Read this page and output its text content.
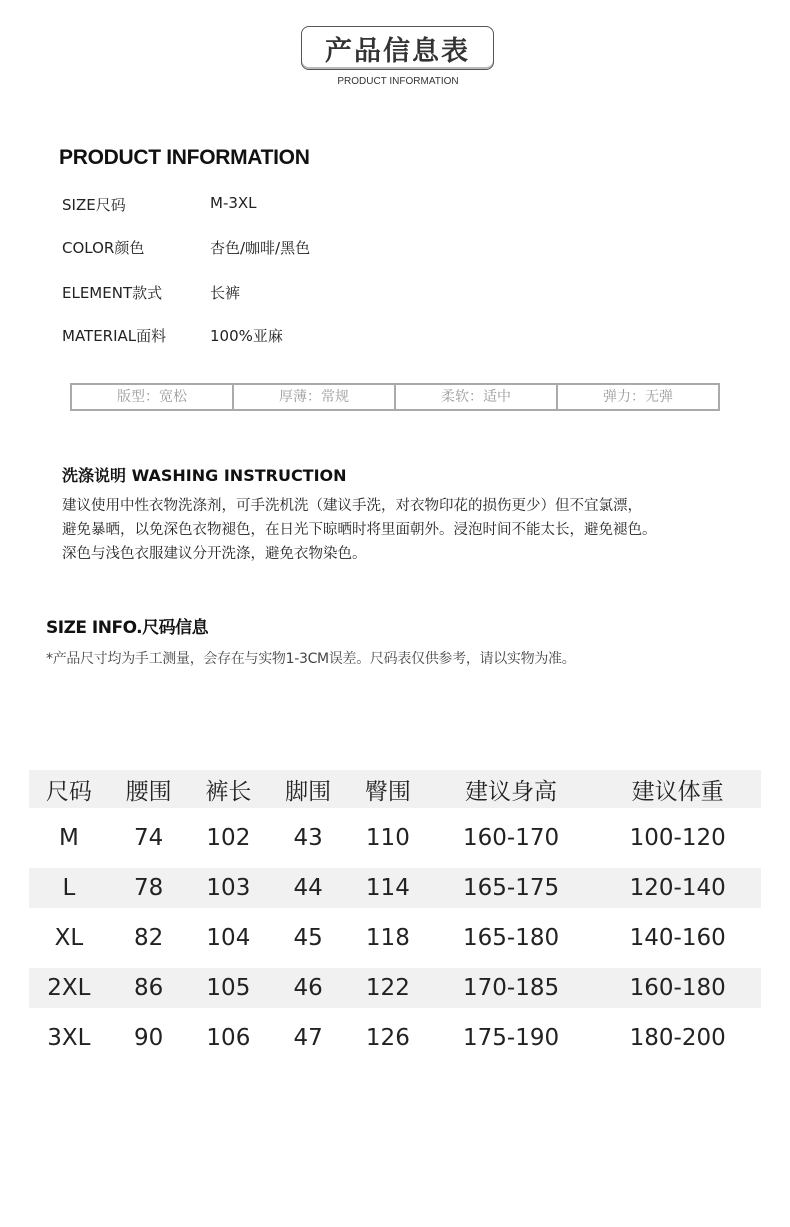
产品信息表
PRODUCT INFORMATION
PRODUCT INFORMATION
SIZE尺码	M-3XL
COLOR颜色	杏色/咖啡/黑色
ELEMENT款式	长裤
MATERIAL面料	100%亚麻
版型：宽松	厚薄：常规	柔软：适中	弹力：无弹
洗涤说明 WASHING INSTRUCTION
建议使用中性衣物洗涤剂，可手洗机洗（建议手洗，对衣物印花的损伤更少）但不宜氯漂，
避免暴晒，以免深色衣物褪色，在日光下晾晒时将里面朝外。浸泡时间不能太长，避免褪色。
深色与浅色衣服建议分开洗涤，避免衣物染色。
SIZE INFO.尺码信息
*产品尺寸均为手工测量，会存在与实物1-3CM误差。尺码表仅供参考，请以实物为准。
尺码	腰围	裤长	脚围	臀围	建议身高	建议体重
M	74	102	43	110	160-170	100-120
L	78	103	44	114	165-175	120-140
XL	82	104	45	118	165-180	140-160
2XL	86	105	46	122	170-185	160-180
3XL	90	106	47	126	175-190	180-200
